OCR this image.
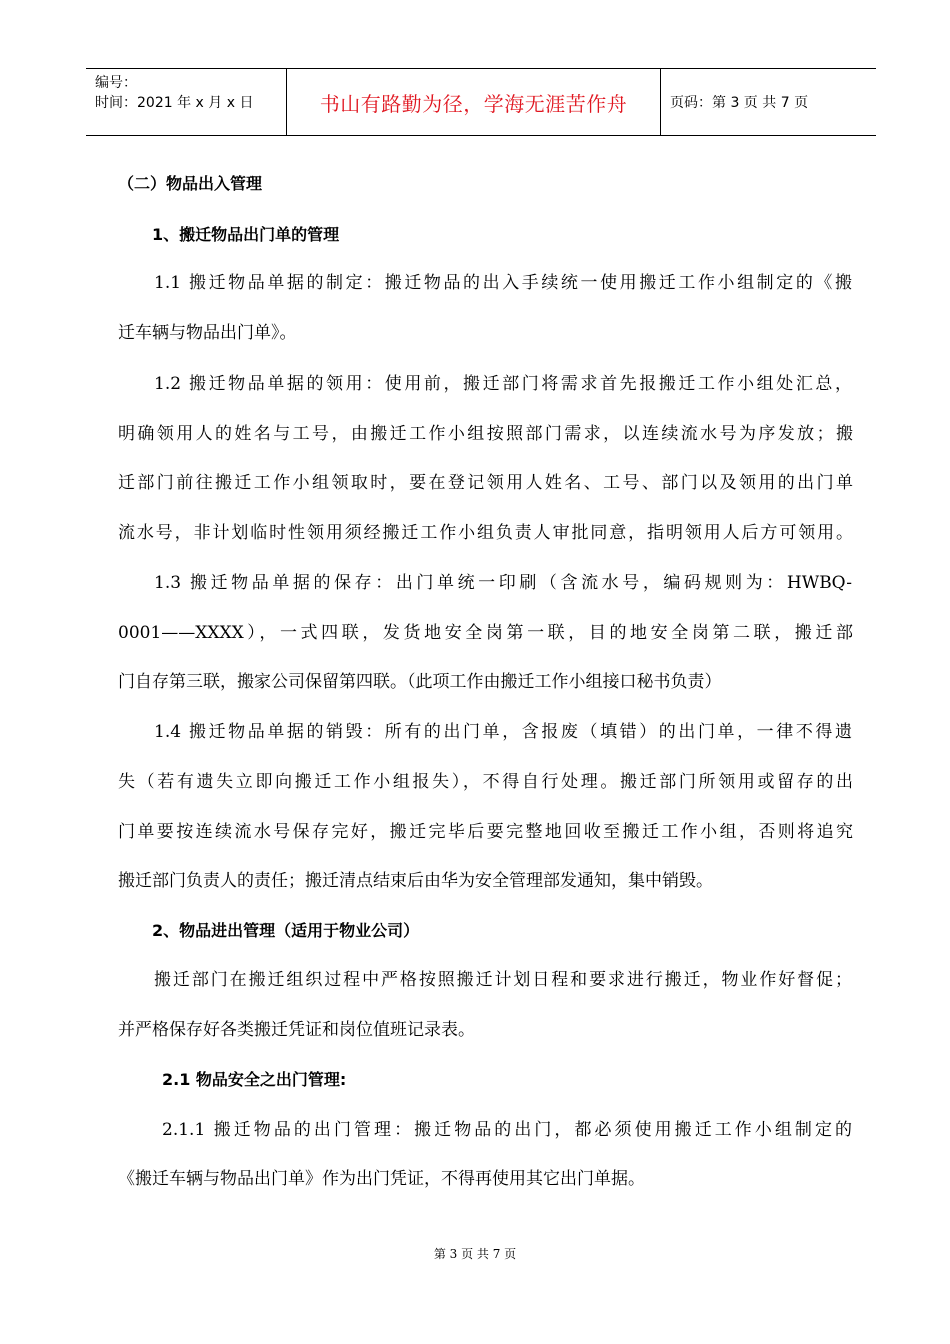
编号：
时间：2021 年 x 月 x 日	书山有路勤为径，学海无涯苦作舟	页码：第 3 页 共 7 页
（二）物品出入管理
1、搬迁物品出门单的管理
1.1 搬迁物品单据的制定：搬迁物品的出入手续统一使用搬迁工作小组制定的《搬
迁车辆与物品出门单》。
1.2 搬迁物品单据的领用：使用前，搬迁部门将需求首先报搬迁工作小组处汇总，
明确领用人的姓名与工号，由搬迁工作小组按照部门需求，以连续流水号为序发放；搬
迁部门前往搬迁工作小组领取时，要在登记领用人姓名、工号、部门以及领用的出门单
流水号，非计划临时性领用须经搬迁工作小组负责人审批同意，指明领用人后方可领用。
1.3 搬迁物品单据的保存：出门单统一印刷（含流水号，编码规则为：HWBQ-
0001——XXXX），一式四联，发货地安全岗第一联，目的地安全岗第二联，搬迁部
门自存第三联，搬家公司保留第四联。（此项工作由搬迁工作小组接口秘书负责）
1.4 搬迁物品单据的销毁：所有的出门单，含报废（填错）的出门单，一律不得遗
失（若有遗失立即向搬迁工作小组报失），不得自行处理。搬迁部门所领用或留存的出
门单要按连续流水号保存完好，搬迁完毕后要完整地回收至搬迁工作小组，否则将追究
搬迁部门负责人的责任；搬迁清点结束后由华为安全管理部发通知，集中销毁。
2、物品进出管理（适用于物业公司）
搬迁部门在搬迁组织过程中严格按照搬迁计划日程和要求进行搬迁，物业作好督促；
并严格保存好各类搬迁凭证和岗位值班记录表。
2.1 物品安全之出门管理:
2.1.1 搬迁物品的出门管理：搬迁物品的出门，都必须使用搬迁工作小组制定的
《搬迁车辆与物品出门单》作为出门凭证，不得再使用其它出门单据。
第 3 页 共 7 页
